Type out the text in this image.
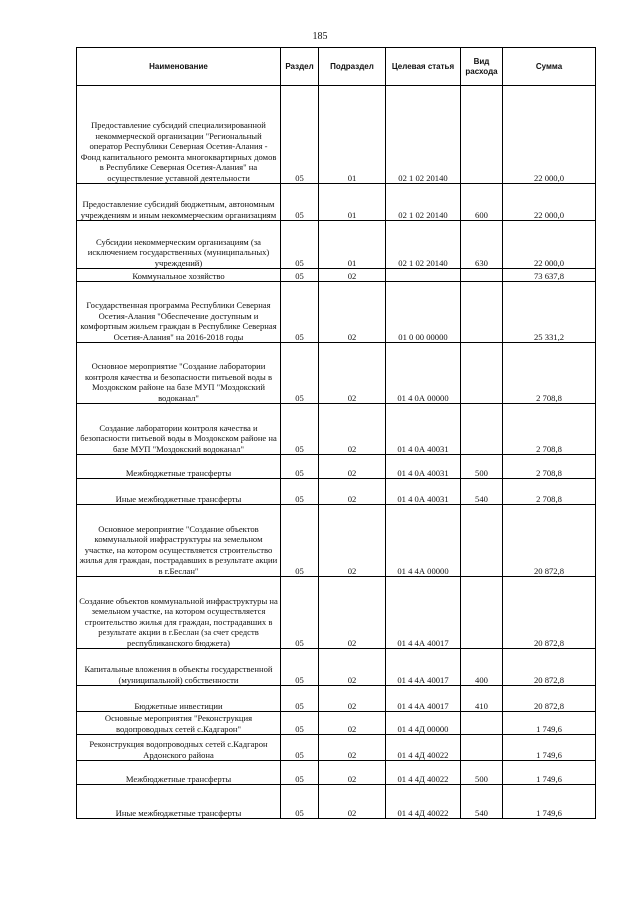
185
Наименование	Раздел	Подраздел	Целевая статья	Вид расхода	Сумма
Предоставление субсидий специализированной некоммерческой организации "Региональный оператор Республики Северная Осетия-Алания - Фонд капитального ремонта многоквартирных домов в Республике Северная Осетия-Алания" на осуществление уставной деятельности	05	01	02 1 02 20140		22 000,0
Предоставление субсидий бюджетным, автономным учреждениям и иным некоммерческим организациям	05	01	02 1 02 20140	600	22 000,0
Субсидии некоммерческим организациям (за исключением государственных (муниципальных) учреждений)	05	01	02 1 02 20140	630	22 000,0
Коммунальное хозяйство	05	02			73 637,8
Государственная программа Республики Северная Осетия-Алания "Обеспечение доступным и комфортным жильем граждан в Республике Северная Осетия-Алания" на 2016-2018 годы	05	02	01 0 00 00000		25 331,2
Основное мероприятие "Создание лаборатории контроля качества и безопасности питьевой воды в Моздокском районе на базе МУП "Моздокский водоканал"	05	02	01 4 0А 00000		2 708,8
Создание лаборатории контроля качества и безопасности питьевой воды в Моздокском районе на базе МУП "Моздокский водоканал"	05	02	01 4 0А 40031		2 708,8
Межбюджетные трансферты	05	02	01 4 0А 40031	500	2 708,8
Иные межбюджетные трансферты	05	02	01 4 0А 40031	540	2 708,8
Основное мероприятие "Создание объектов коммунальной инфраструктуры на земельном участке, на котором осуществляется строительство жилья для граждан, пострадавших в результате акции в г.Беслан"	05	02	01 4 4А 00000		20 872,8
Создание объектов коммунальной инфраструктуры на земельном участке, на котором осуществляется строительство жилья для граждан, пострадавших в результате акции в г.Беслан (за счет средств республиканского бюджета)	05	02	01 4 4А 40017		20 872,8
Капитальные вложения в объекты государственной (муниципальной) собственности	05	02	01 4 4А 40017	400	20 872,8
Бюджетные инвестиции	05	02	01 4 4А 40017	410	20 872,8
Основные мероприятия "Реконструкция водопроводных сетей с.Кадгарон"	05	02	01 4 4Д 00000		1 749,6
Реконструкция водопроводных сетей с.Кадгарон Ардонского района	05	02	01 4 4Д 40022		1 749,6
Межбюджетные трансферты	05	02	01 4 4Д 40022	500	1 749,6
Иные межбюджетные трансферты	05	02	01 4 4Д 40022	540	1 749,6
